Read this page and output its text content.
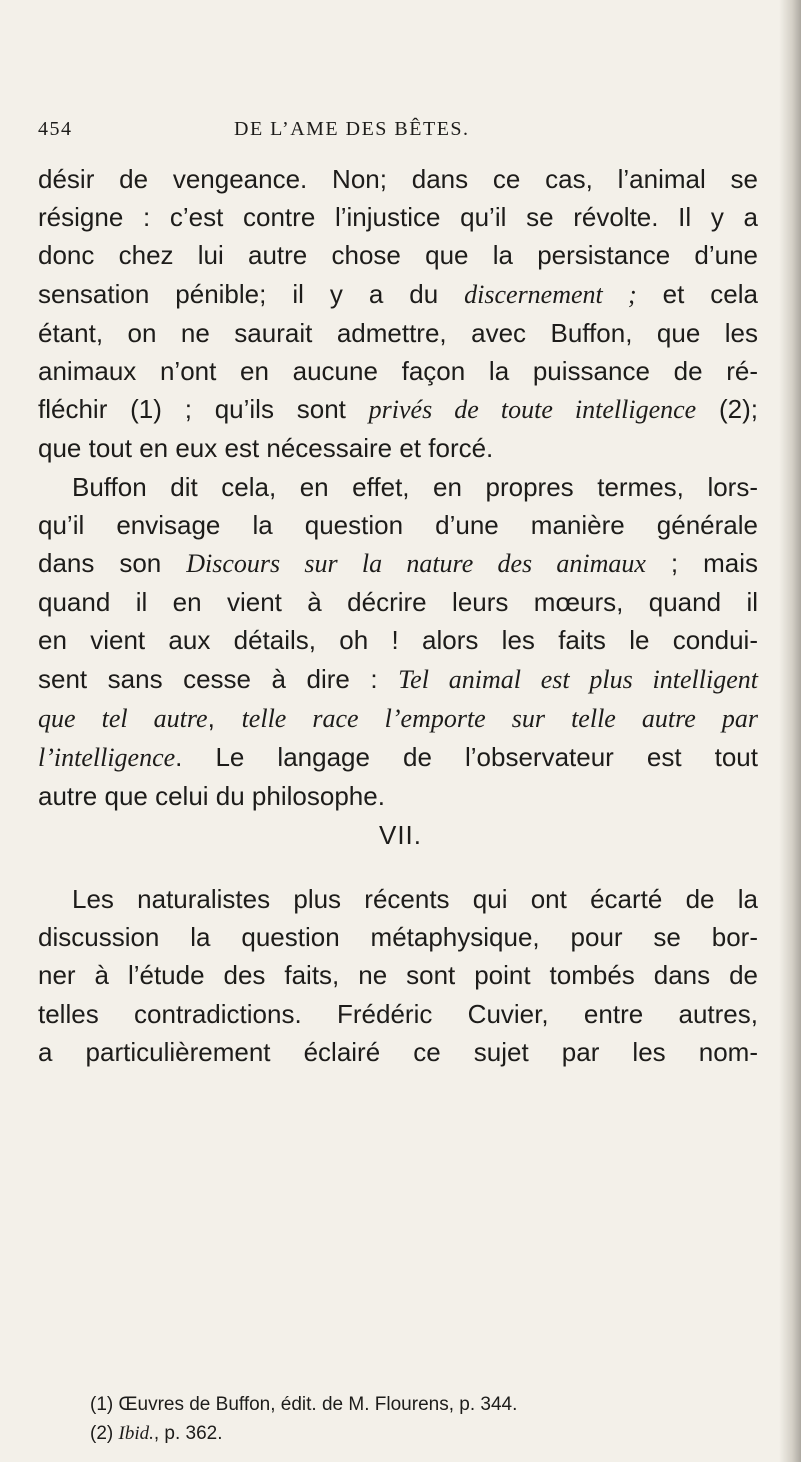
454	DE L’AME DES BÊTES.
désir de vengeance. Non; dans ce cas, l’animal se
résigne : c’est contre l’injustice qu’il se révolte. Il y a
donc chez lui autre chose que la persistance d’une
sensation pénible; il y a du discernement ; et cela
étant, on ne saurait admettre, avec Buffon, que les
animaux n’ont en aucune façon la puissance de ré-
fléchir (1) ; qu’ils sont privés de toute intelligence (2);
que tout en eux est nécessaire et forcé.
Buffon dit cela, en effet, en propres termes, lors-
qu’il envisage la question d’une manière générale
dans son Discours sur la nature des animaux ; mais
quand il en vient à décrire leurs mœurs, quand il
en vient aux détails, oh ! alors les faits le condui-
sent sans cesse à dire : Tel animal est plus intelligent
que tel autre, telle race l’emporte sur telle autre par
l’intelligence. Le langage de l’observateur est tout
autre que celui du philosophe.
VII.
Les naturalistes plus récents qui ont écarté de la
discussion la question métaphysique, pour se bor-
ner à l’étude des faits, ne sont point tombés dans de
telles contradictions. Frédéric Cuvier, entre autres,
a particulièrement éclairé ce sujet par les nom-
(1) Œuvres de Buffon, édit. de M. Flourens, p. 344.
(2) Ibid., p. 362.
